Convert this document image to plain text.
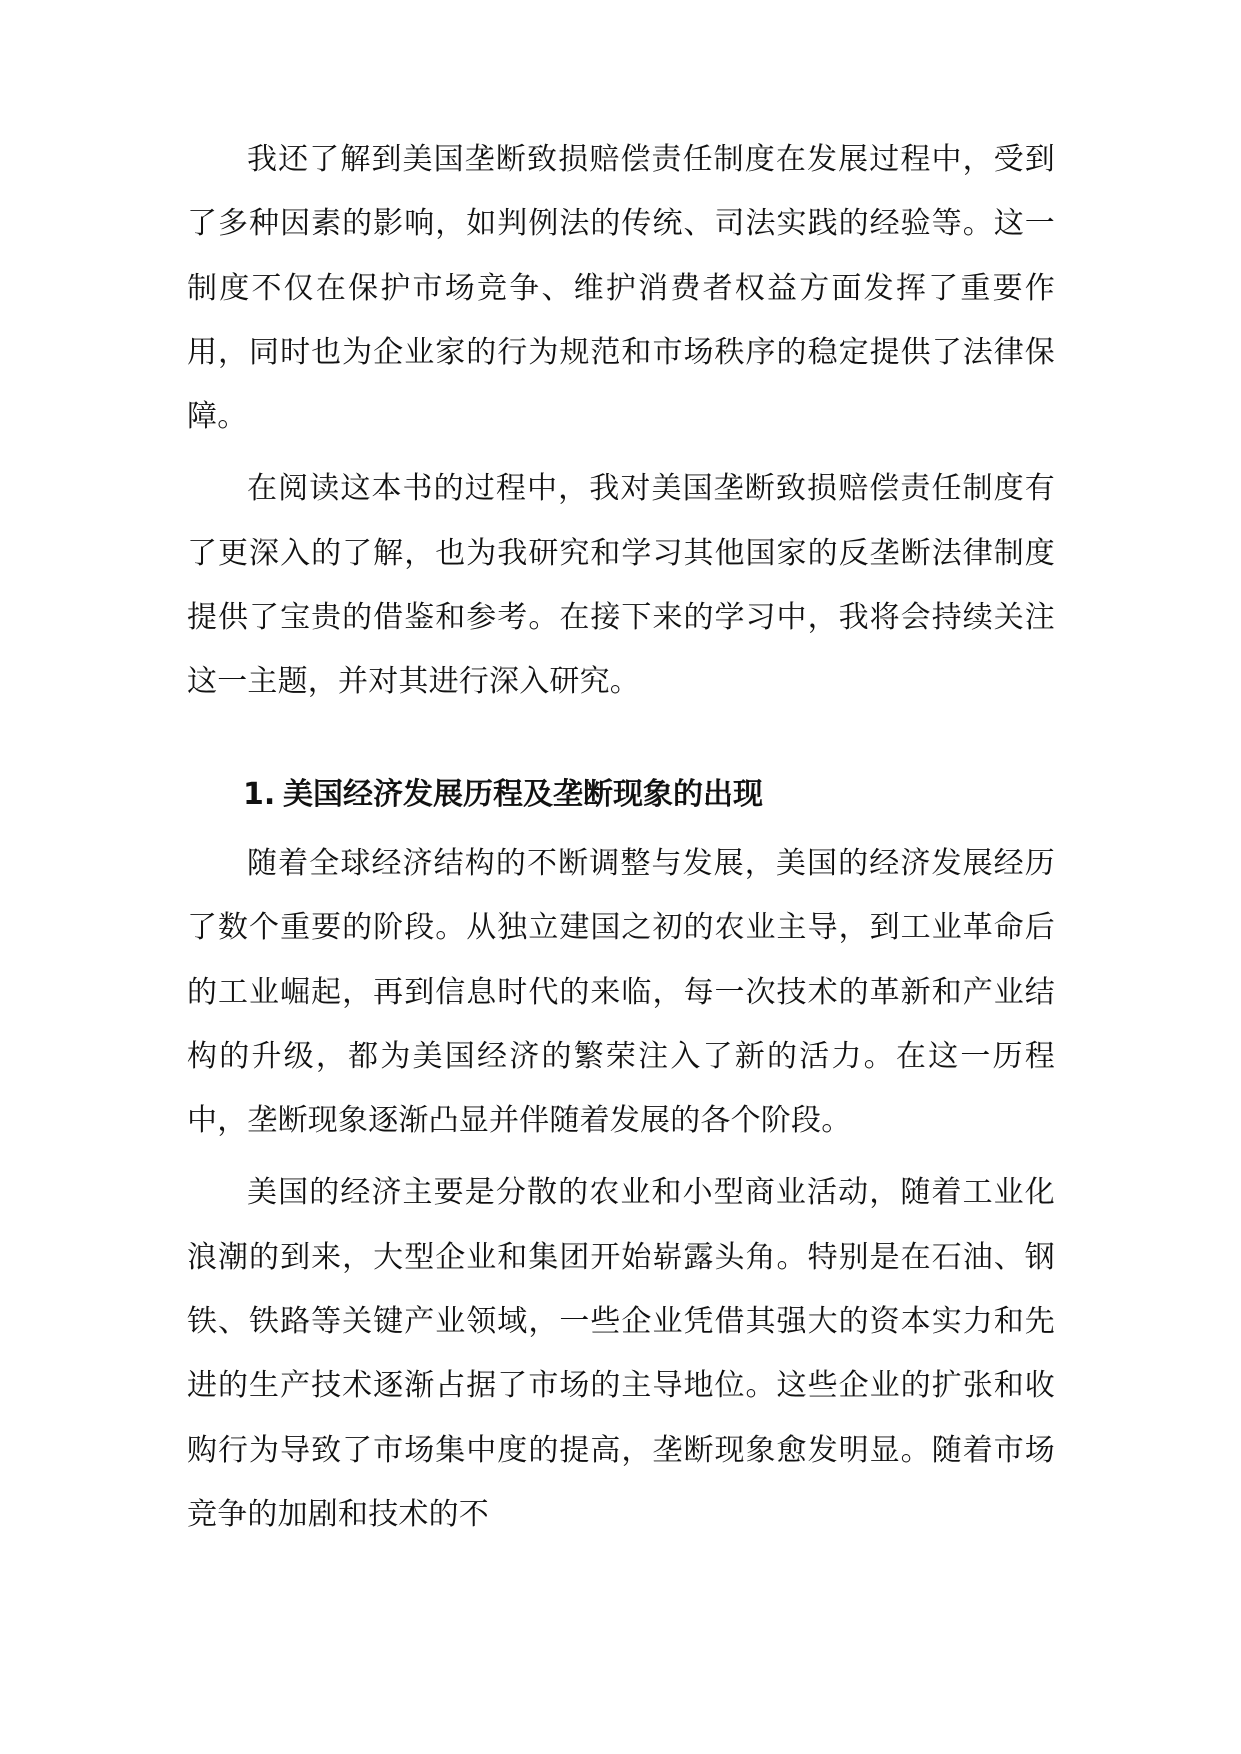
我还了解到美国垄断致损赔偿责任制度在发展过程中，受到了多种因素的影响，如判例法的传统、司法实践的经验等。这一制度不仅在保护市场竞争、维护消费者权益方面发挥了重要作用，同时也为企业家的行为规范和市场秩序的稳定提供了法律保障。

在阅读这本书的过程中，我对美国垄断致损赔偿责任制度有了更深入的了解，也为我研究和学习其他国家的反垄断法律制度提供了宝贵的借鉴和参考。在接下来的学习中，我将会持续关注这一主题，并对其进行深入研究。

1. 美国经济发展历程及垄断现象的出现

随着全球经济结构的不断调整与发展，美国的经济发展经历了数个重要的阶段。从独立建国之初的农业主导，到工业革命后的工业崛起，再到信息时代的来临，每一次技术的革新和产业结构的升级，都为美国经济的繁荣注入了新的活力。在这一历程中，垄断现象逐渐凸显并伴随着发展的各个阶段。

美国的经济主要是分散的农业和小型商业活动，随着工业化浪潮的到来，大型企业和集团开始崭露头角。特别是在石油、钢铁、铁路等关键产业领域，一些企业凭借其强大的资本实力和先进的生产技术逐渐占据了市场的主导地位。这些企业的扩张和收购行为导致了市场集中度的提高，垄断现象愈发明显。随着市场竞争的加剧和技术的不
